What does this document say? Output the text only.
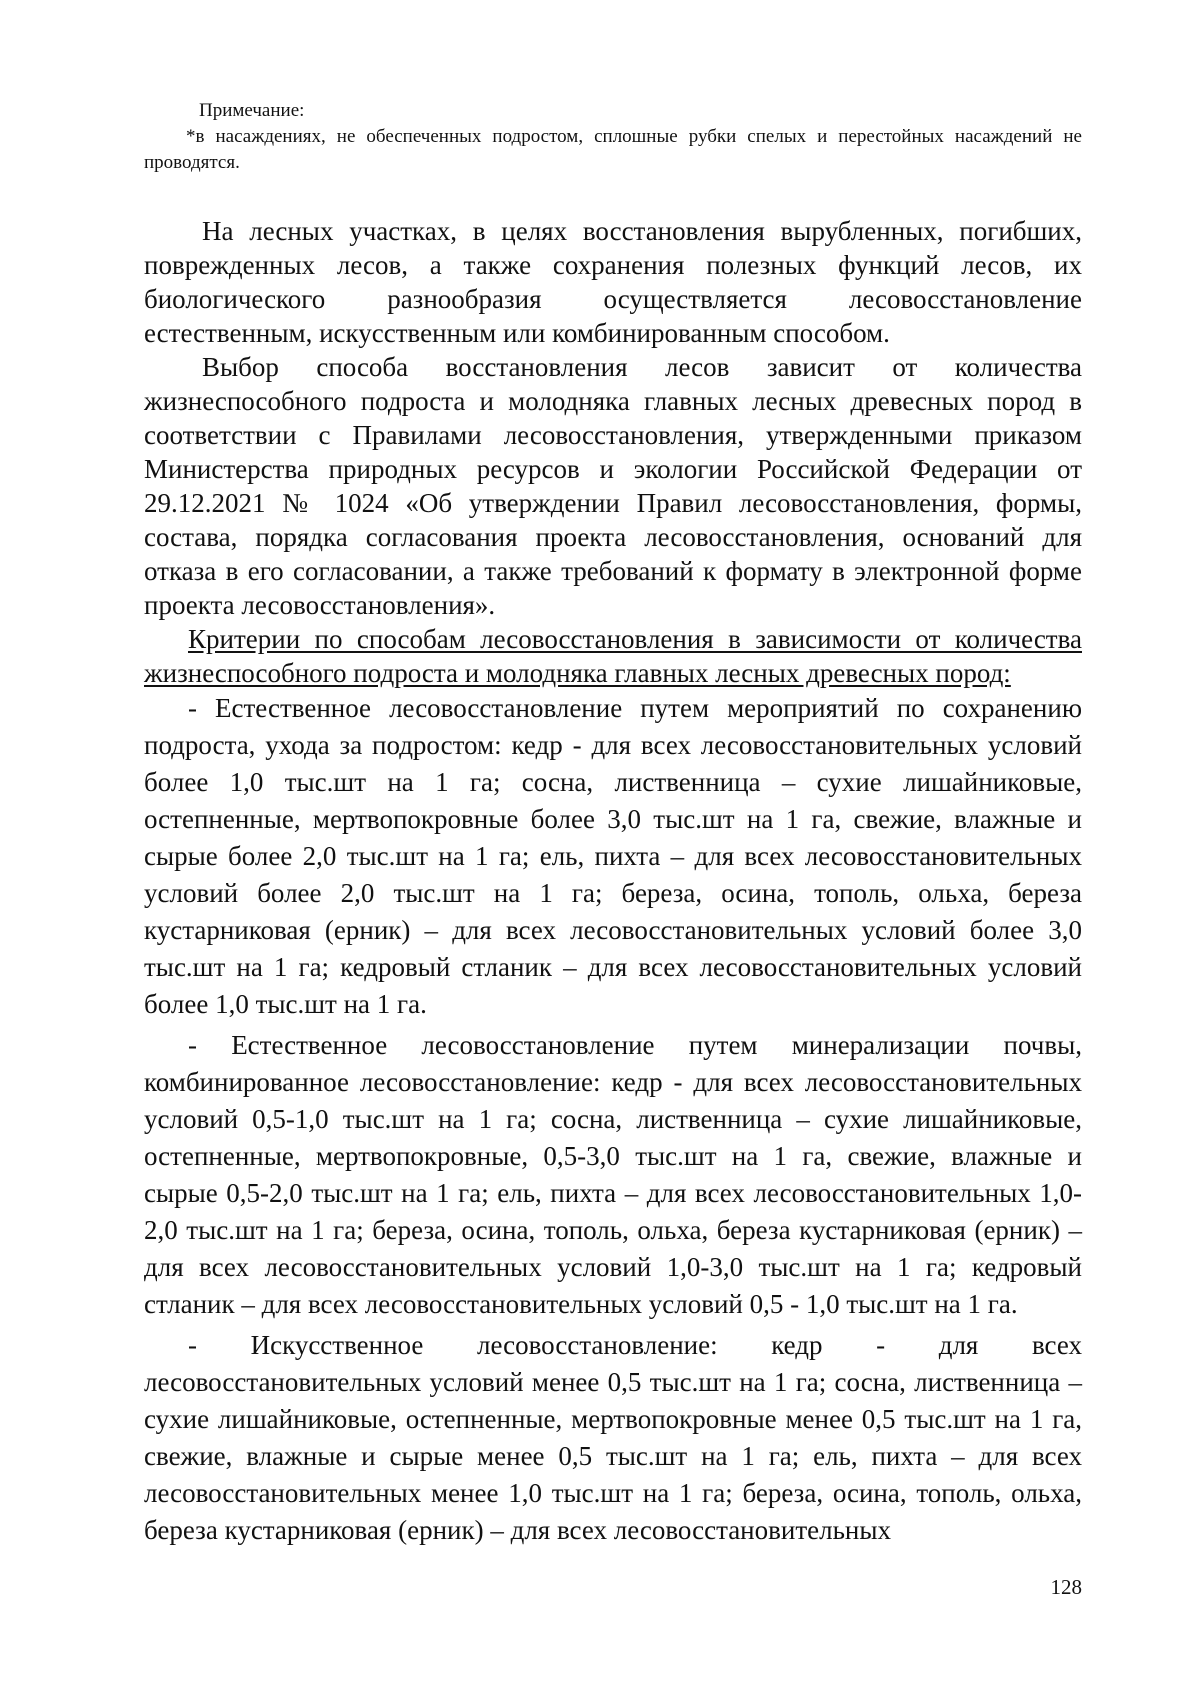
Примечание:

*в насаждениях, не обеспеченных подростом, сплошные рубки спелых и перестойных насаждений не проводятся.

На лесных участках, в целях восстановления вырубленных, погибших, поврежденных лесов, а также сохранения полезных функций лесов, их биологического разнообразия осуществляется лесовосстановление естественным, искусственным или комбинированным способом.

Выбор способа восстановления лесов зависит от количества жизнеспособного подроста и молодняка главных лесных древесных пород в соответствии с Правилами лесовосстановления, утвержденными приказом Министерства природных ресурсов и экологии Российской Федерации от 29.12.2021 № 1024 «Об утверждении Правил лесовосстановления, формы, состава, порядка согласования проекта лесовосстановления, оснований для отказа в его согласовании, а также требований к формату в электронной форме проекта лесовосстановления».

Критерии по способам лесовосстановления в зависимости от количества жизнеспособного подроста и молодняка главных лесных древесных пород:

- Естественное лесовосстановление путем мероприятий по сохранению подроста, ухода за подростом: кедр - для всех лесовосстановительных условий более 1,0 тыс.шт на 1 га; сосна, лиственница – сухие лишайниковые, остепненные, мертвопокровные более 3,0 тыс.шт на 1 га, свежие, влажные и сырые более 2,0 тыс.шт на 1 га; ель, пихта – для всех лесовосстановительных условий более 2,0 тыс.шт на 1 га; береза, осина, тополь, ольха, береза кустарниковая (ерник) – для всех лесовосстановительных условий более 3,0 тыс.шт на 1 га; кедровый стланик – для всех лесовосстановительных условий более 1,0 тыс.шт на 1 га.

- Естественное лесовосстановление путем минерализации почвы, комбинированное лесовосстановление: кедр - для всех лесовосстановительных условий 0,5-1,0 тыс.шт на 1 га; сосна, лиственница – сухие лишайниковые, остепненные, мертвопокровные, 0,5-3,0 тыс.шт на 1 га, свежие, влажные и сырые 0,5-2,0 тыс.шт на 1 га; ель, пихта – для всех лесовосстановительных 1,0-2,0 тыс.шт на 1 га; береза, осина, тополь, ольха, береза кустарниковая (ерник) – для всех лесовосстановительных условий 1,0-3,0 тыс.шт на 1 га; кедровый стланик – для всех лесовосстановительных условий 0,5 - 1,0 тыс.шт на 1 га.

- Искусственное лесовосстановление: кедр - для всех лесовосстановительных условий менее 0,5 тыс.шт на 1 га; сосна, лиственница – сухие лишайниковые, остепненные, мертвопокровные менее 0,5 тыс.шт на 1 га, свежие, влажные и сырые менее 0,5 тыс.шт на 1 га; ель, пихта – для всех лесовосстановительных менее 1,0 тыс.шт на 1 га; береза, осина, тополь, ольха, береза кустарниковая (ерник) – для всех лесовосстановительных

128
